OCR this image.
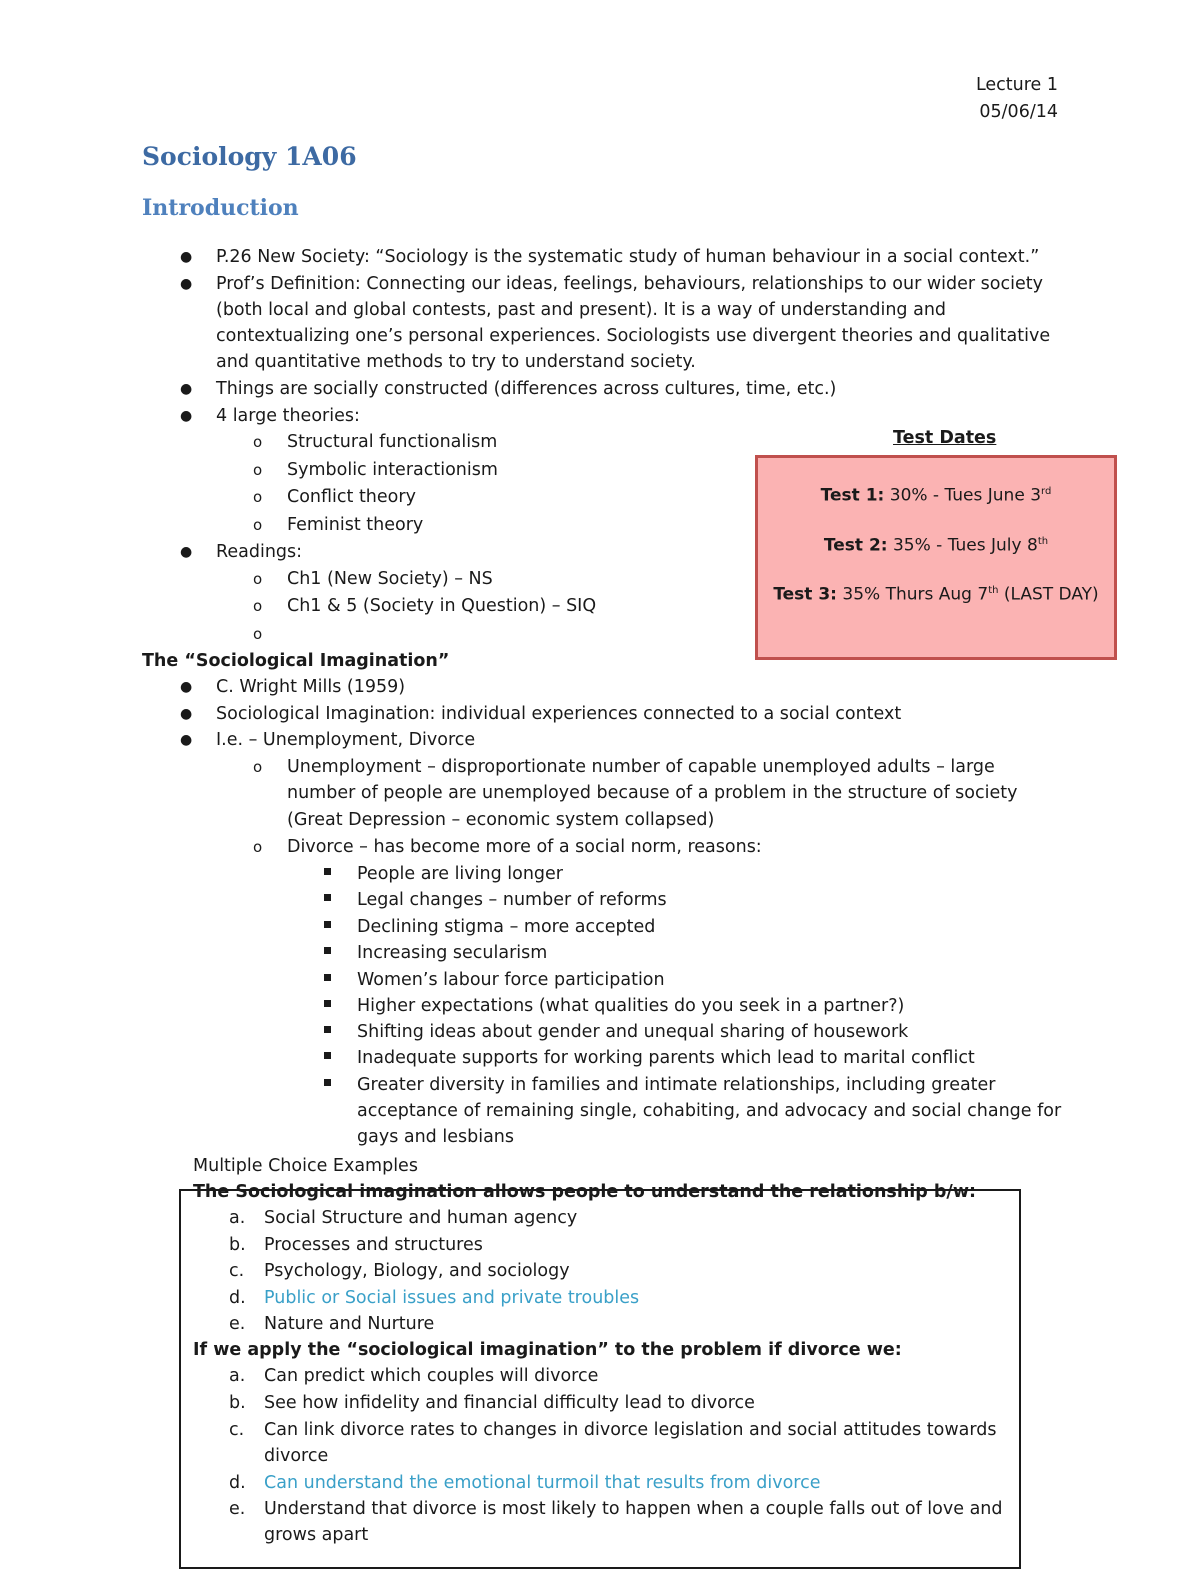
Lecture 1
05/06/14
Sociology 1A06
Introduction
● P.26 New Society: “Sociology is the systematic study of human behaviour in a social context.”
● Prof’s Definition: Connecting our ideas, feelings, behaviours, relationships to our wider society
(both local and global contests, past and present). It is a way of understanding and
contextualizing one’s personal experiences. Sociologists use divergent theories and qualitative
and quantitative methods to try to understand society.
● Things are socially constructed (differences across cultures, time, etc.)
● 4 large theories:
o Structural functionalism
o Symbolic interactionism
o Conflict theory
o Feminist theory
● Readings:
o Ch1 (New Society) – NS
o Ch1 & 5 (Society in Question) – SIQ
o
Test Dates
Test 1: 30% - Tues June 3rd
Test 2: 35% - Tues July 8th
Test 3: 35% Thurs Aug 7th (LAST DAY)
The “Sociological Imagination”
● C. Wright Mills (1959)
● Sociological Imagination: individual experiences connected to a social context
● I.e. – Unemployment, Divorce
o Unemployment – disproportionate number of capable unemployed adults – large
number of people are unemployed because of a problem in the structure of society
(Great Depression – economic system collapsed)
o Divorce – has become more of a social norm, reasons:
People are living longer
Legal changes – number of reforms
Declining stigma – more accepted
Increasing secularism
Women’s labour force participation
Higher expectations (what qualities do you seek in a partner?)
Shifting ideas about gender and unequal sharing of housework
Inadequate supports for working parents which lead to marital conflict
Greater diversity in families and intimate relationships, including greater
acceptance of remaining single, cohabiting, and advocacy and social change for
gays and lesbians
Multiple Choice Examples
The Sociological imagination allows people to understand the relationship b/w:
a. Social Structure and human agency
b. Processes and structures
c. Psychology, Biology, and sociology
d. Public or Social issues and private troubles
e. Nature and Nurture
If we apply the “sociological imagination” to the problem if divorce we:
a. Can predict which couples will divorce
b. See how infidelity and financial difficulty lead to divorce
c. Can link divorce rates to changes in divorce legislation and social attitudes towards
divorce
d. Can understand the emotional turmoil that results from divorce
e. Understand that divorce is most likely to happen when a couple falls out of love and
grows apart
